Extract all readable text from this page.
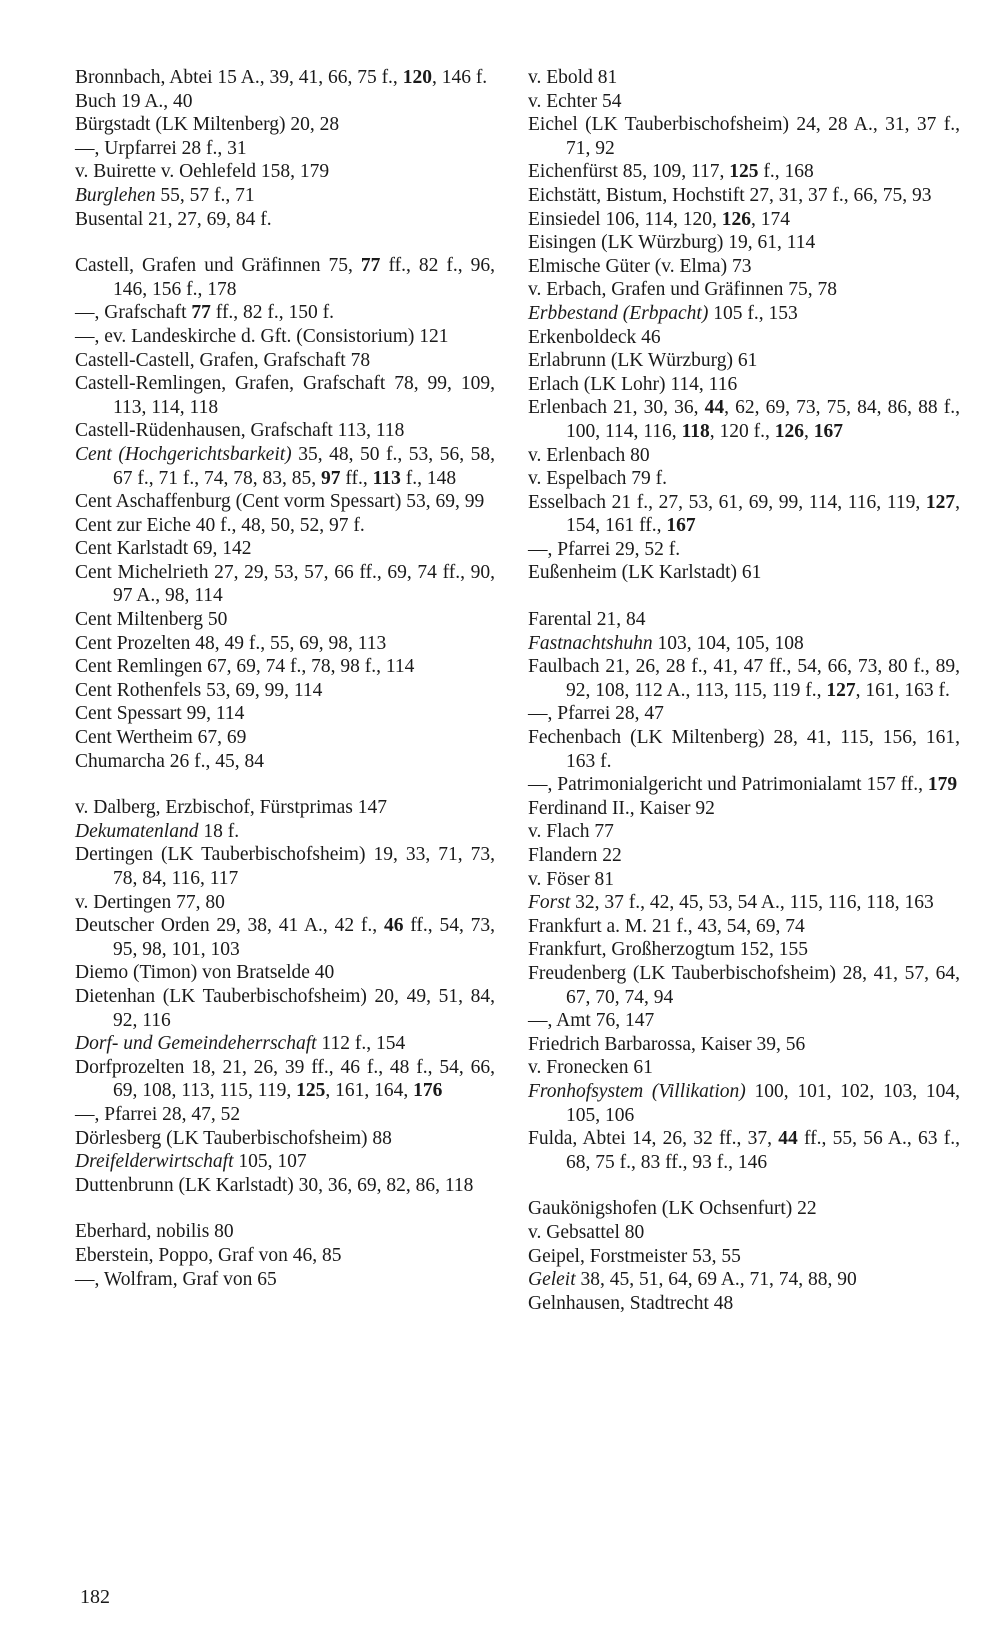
Bronnbach, Abtei 15 A., 39, 41, 66, 75 f., 120, 146 f.
Buch 19 A., 40
Bürgstadt (LK Miltenberg) 20, 28
—, Urpfarrei 28 f., 31
v. Buirette v. Oehlefeld 158, 179
Burglehen 55, 57 f., 71
Busental 21, 27, 69, 84 f.
Castell, Grafen und Gräfinnen 75, 77 ff., 82 f., 96, 146, 156 f., 178
—, Grafschaft 77 ff., 82 f., 150 f.
—, ev. Landeskirche d. Gft. (Consistorium) 121
Castell-Castell, Grafen, Grafschaft 78
Castell-Remlingen, Grafen, Grafschaft 78, 99, 109, 113, 114, 118
Castell-Rüdenhausen, Grafschaft 113, 118
Cent (Hochgerichtsbarkeit) 35, 48, 50 f., 53, 56, 58, 67 f., 71 f., 74, 78, 83, 85, 97 ff., 113 f., 148
Cent Aschaffenburg (Cent vorm Spessart) 53, 69, 99
Cent zur Eiche 40 f., 48, 50, 52, 97 f.
Cent Karlstadt 69, 142
Cent Michelrieth 27, 29, 53, 57, 66 ff., 69, 74 ff., 90, 97 A., 98, 114
Cent Miltenberg 50
Cent Prozelten 48, 49 f., 55, 69, 98, 113
Cent Remlingen 67, 69, 74 f., 78, 98 f., 114
Cent Rothenfels 53, 69, 99, 114
Cent Spessart 99, 114
Cent Wertheim 67, 69
Chumarcha 26 f., 45, 84
v. Dalberg, Erzbischof, Fürstprimas 147
Dekumatenland 18 f.
Dertingen (LK Tauberbischofsheim) 19, 33, 71, 73, 78, 84, 116, 117
v. Dertingen 77, 80
Deutscher Orden 29, 38, 41 A., 42 f., 46 ff., 54, 73, 95, 98, 101, 103
Diemo (Timon) von Bratselde 40
Dietenhan (LK Tauberbischofsheim) 20, 49, 51, 84, 92, 116
Dorf- und Gemeindeherrschaft 112 f., 154
Dorfprozelten 18, 21, 26, 39 ff., 46 f., 48 f., 54, 66, 69, 108, 113, 115, 119, 125, 161, 164, 176
—, Pfarrei 28, 47, 52
Dörlesberg (LK Tauberbischofsheim) 88
Dreifelderwirtschaft 105, 107
Duttenbrunn (LK Karlstadt) 30, 36, 69, 82, 86, 118
Eberhard, nobilis 80
Eberstein, Poppo, Graf von 46, 85
—, Wolfram, Graf von 65
v. Ebold 81
v. Echter 54
Eichel (LK Tauberbischofsheim) 24, 28 A., 31, 37 f., 71, 92
Eichenfürst 85, 109, 117, 125 f., 168
Eichstätt, Bistum, Hochstift 27, 31, 37 f., 66, 75, 93
Einsiedel 106, 114, 120, 126, 174
Eisingen (LK Würzburg) 19, 61, 114
Elmische Güter (v. Elma) 73
v. Erbach, Grafen und Gräfinnen 75, 78
Erbbestand (Erbpacht) 105 f., 153
Erkenboldeck 46
Erlabrunn (LK Würzburg) 61
Erlach (LK Lohr) 114, 116
Erlenbach 21, 30, 36, 44, 62, 69, 73, 75, 84, 86, 88 f., 100, 114, 116, 118, 120 f., 126, 167
v. Erlenbach 80
v. Espelbach 79 f.
Esselbach 21 f., 27, 53, 61, 69, 99, 114, 116, 119, 127, 154, 161 ff., 167
—, Pfarrei 29, 52 f.
Eußenheim (LK Karlstadt) 61
Farental 21, 84
Fastnachtshuhn 103, 104, 105, 108
Faulbach 21, 26, 28 f., 41, 47 ff., 54, 66, 73, 80 f., 89, 92, 108, 112 A., 113, 115, 119 f., 127, 161, 163 f.
—, Pfarrei 28, 47
Fechenbach (LK Miltenberg) 28, 41, 115, 156, 161, 163 f.
—, Patrimonialgericht und Patrimonialamt 157 ff., 179
Ferdinand II., Kaiser 92
v. Flach 77
Flandern 22
v. Föser 81
Forst 32, 37 f., 42, 45, 53, 54 A., 115, 116, 118, 163
Frankfurt a. M. 21 f., 43, 54, 69, 74
Frankfurt, Großherzogtum 152, 155
Freudenberg (LK Tauberbischofsheim) 28, 41, 57, 64, 67, 70, 74, 94
—, Amt 76, 147
Friedrich Barbarossa, Kaiser 39, 56
v. Fronecken 61
Fronhofsystem (Villikation) 100, 101, 102, 103, 104, 105, 106
Fulda, Abtei 14, 26, 32 ff., 37, 44 ff., 55, 56 A., 63 f., 68, 75 f., 83 ff., 93 f., 146
Gaukönigshofen (LK Ochsenfurt) 22
v. Gebsattel 80
Geipel, Forstmeister 53, 55
Geleit 38, 45, 51, 64, 69 A., 71, 74, 88, 90
Gelnhausen, Stadtrecht 48
182
